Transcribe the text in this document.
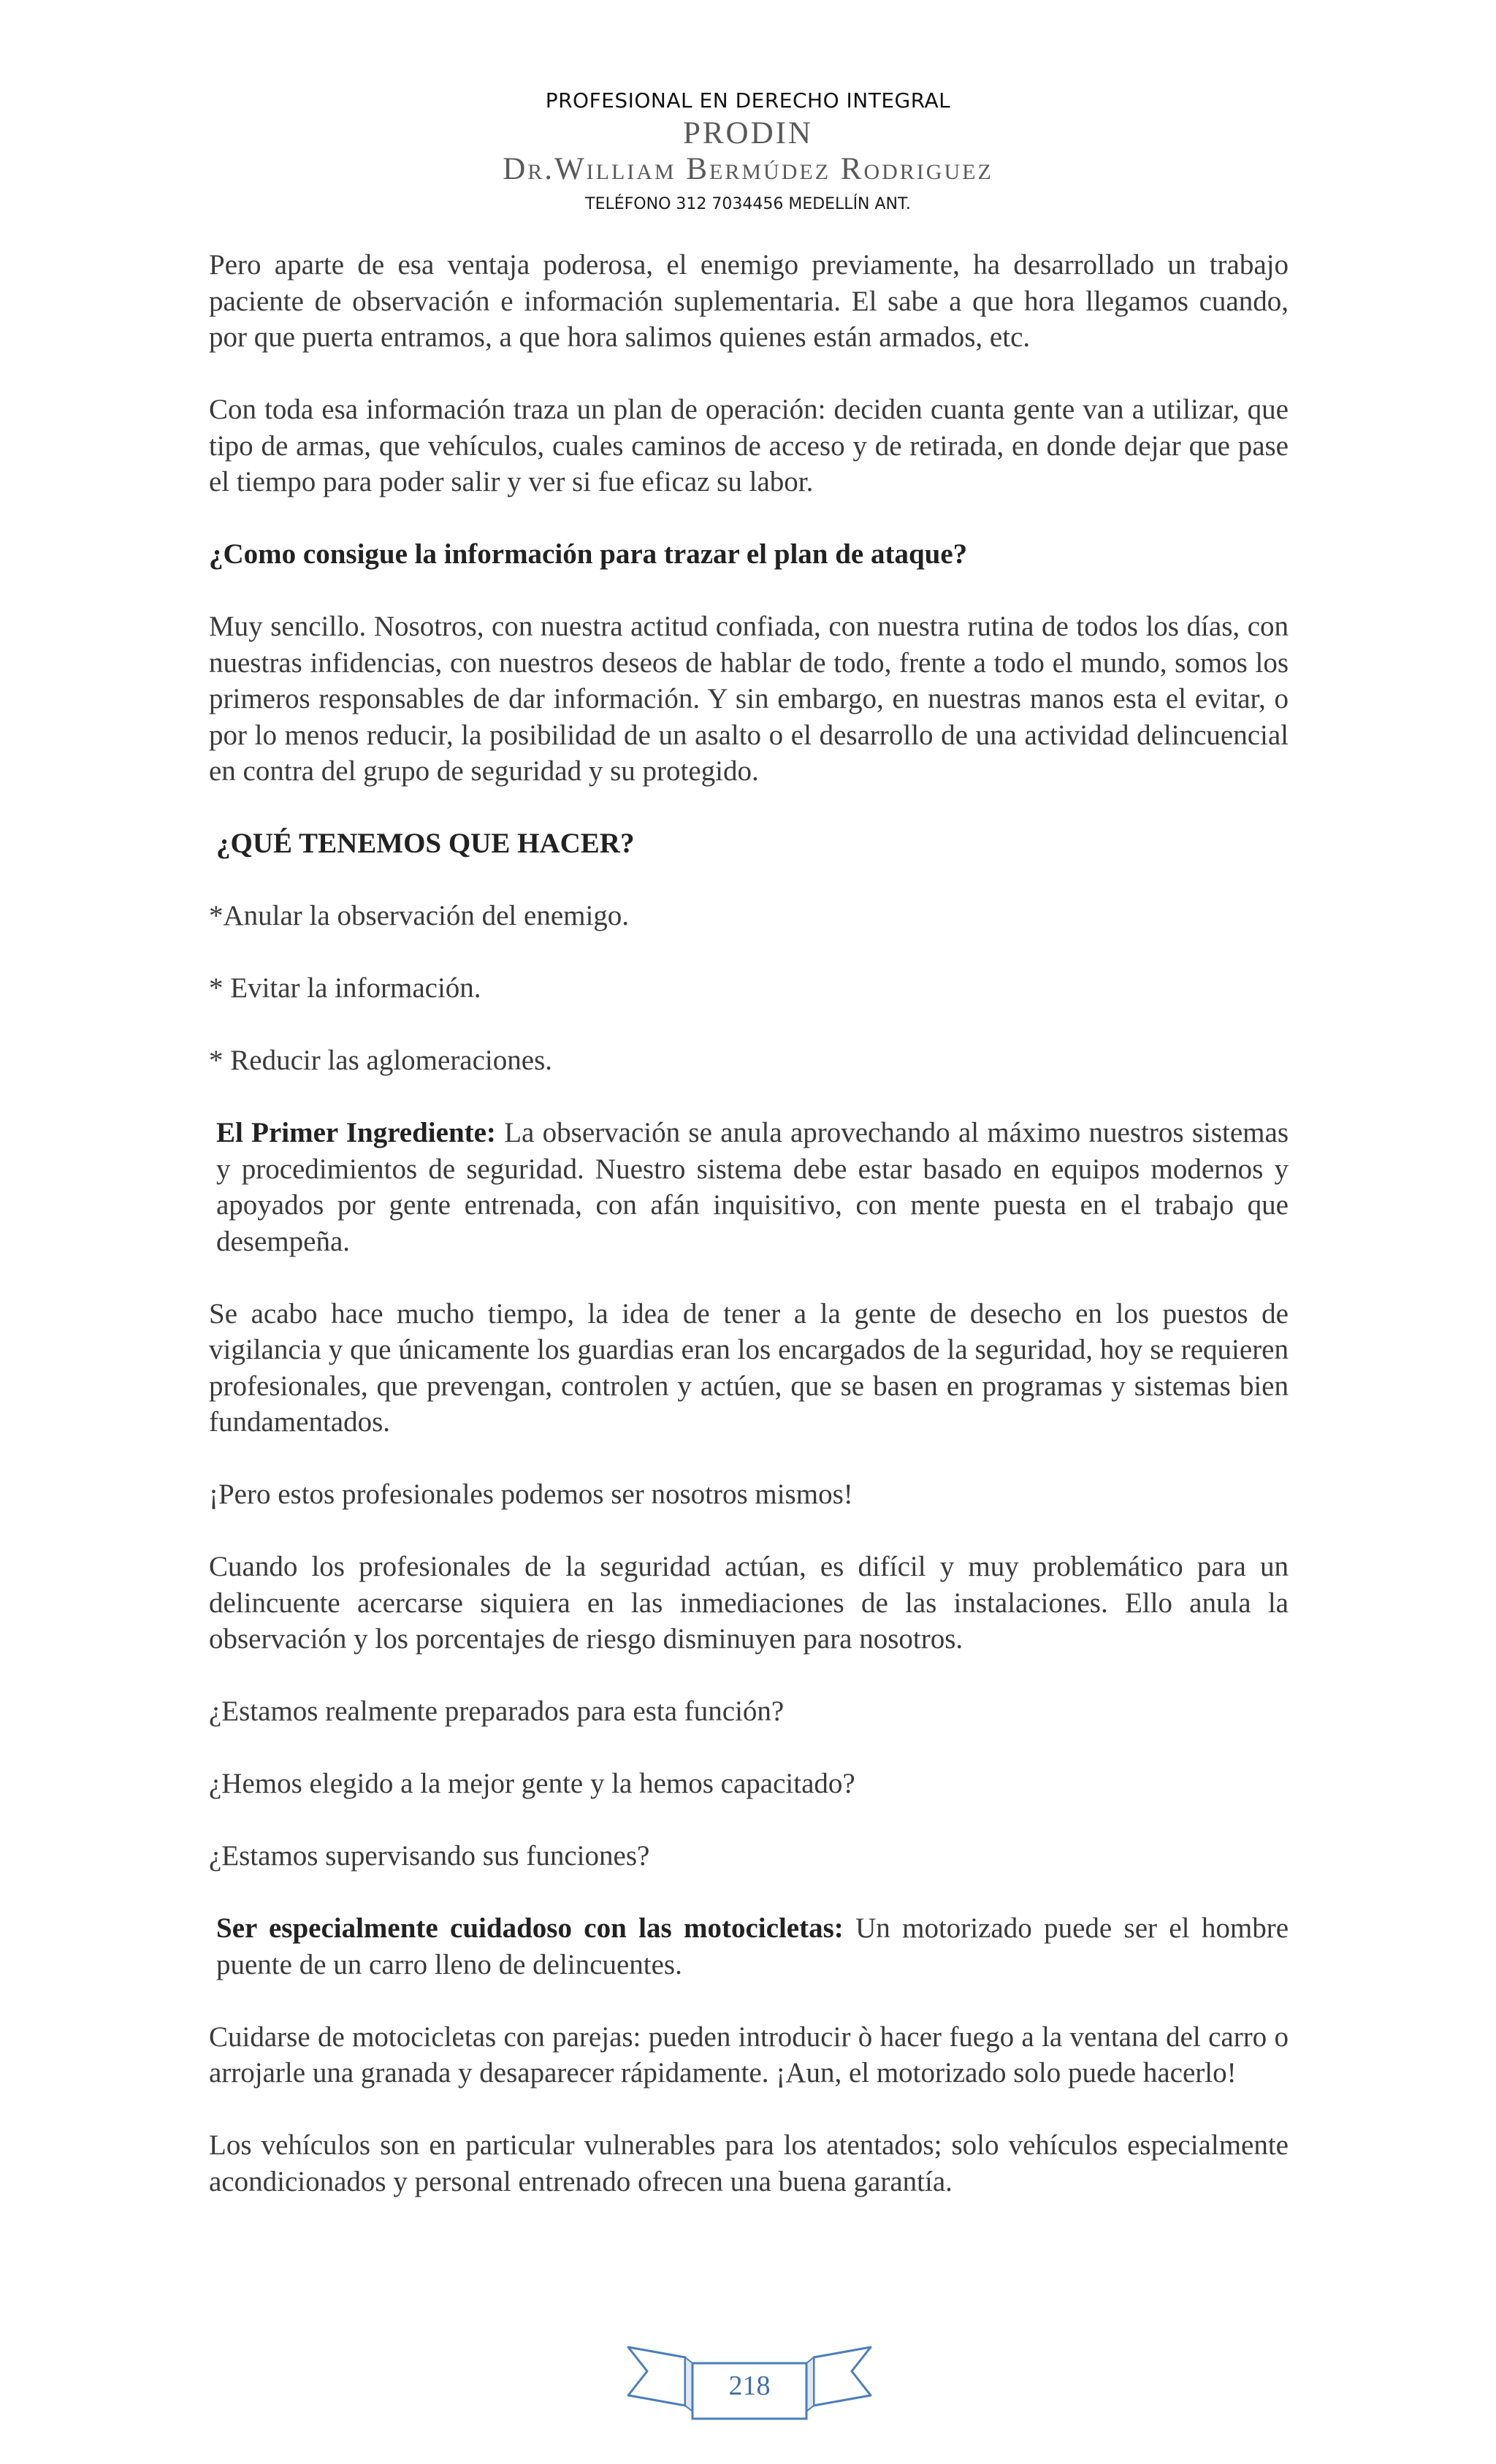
PROFESIONAL EN DERECHO INTEGRAL
PRODIN
Dr.William Bermúdez Rodriguez
TELÉFONO 312 7034456 MEDELLÍN ANT.

Pero aparte de esa ventaja poderosa, el enemigo previamente, ha desarrollado un trabajo paciente de observación e información suplementaria. El sabe a que hora llegamos cuando, por que puerta entramos, a que hora salimos quienes están armados, etc.

Con toda esa información traza un plan de operación: deciden cuanta gente van a utilizar, que tipo de armas, que vehículos, cuales caminos de acceso y de retirada, en donde dejar que pase el tiempo para poder salir y ver si fue eficaz su labor.

¿Como consigue la información para trazar el plan de ataque?

Muy sencillo. Nosotros, con nuestra actitud confiada, con nuestra rutina de todos los días, con nuestras infidencias, con nuestros deseos de hablar de todo, frente a todo el mundo, somos los primeros responsables de dar información. Y sin embargo, en nuestras manos esta el evitar, o por lo menos reducir, la posibilidad de un asalto o el desarrollo de una actividad delincuencial en contra del grupo de seguridad y su protegido.

¿QUÉ TENEMOS QUE HACER?

*Anular la observación del enemigo.

* Evitar la información.

* Reducir las aglomeraciones.

El Primer Ingrediente: La observación se anula aprovechando al máximo nuestros sistemas y procedimientos de seguridad. Nuestro sistema debe estar basado en equipos modernos y apoyados por gente entrenada, con afán inquisitivo, con mente puesta en el trabajo que desempeña.

Se acabo hace mucho tiempo, la idea de tener a la gente de desecho en los puestos de vigilancia y que únicamente los guardias eran los encargados de la seguridad, hoy se requieren profesionales, que prevengan, controlen y actúen, que se basen en programas y sistemas bien fundamentados.

¡Pero estos profesionales podemos ser nosotros mismos!

Cuando los profesionales de la seguridad actúan, es difícil y muy problemático para un delincuente acercarse siquiera en las inmediaciones de las instalaciones. Ello anula la observación y los porcentajes de riesgo disminuyen para nosotros.

¿Estamos realmente preparados para esta función?

¿Hemos elegido a la mejor gente y la hemos capacitado?

¿Estamos supervisando sus funciones?

Ser especialmente cuidadoso con las motocicletas: Un motorizado puede ser el hombre puente de un carro lleno de delincuentes.

Cuidarse de motocicletas con parejas: pueden introducir ò hacer fuego a la ventana del carro o arrojarle una granada y desaparecer rápidamente. ¡Aun, el motorizado solo puede hacerlo!

Los vehículos son en particular vulnerables para los atentados; solo vehículos especialmente acondicionados y personal entrenado ofrecen una buena garantía.

218
